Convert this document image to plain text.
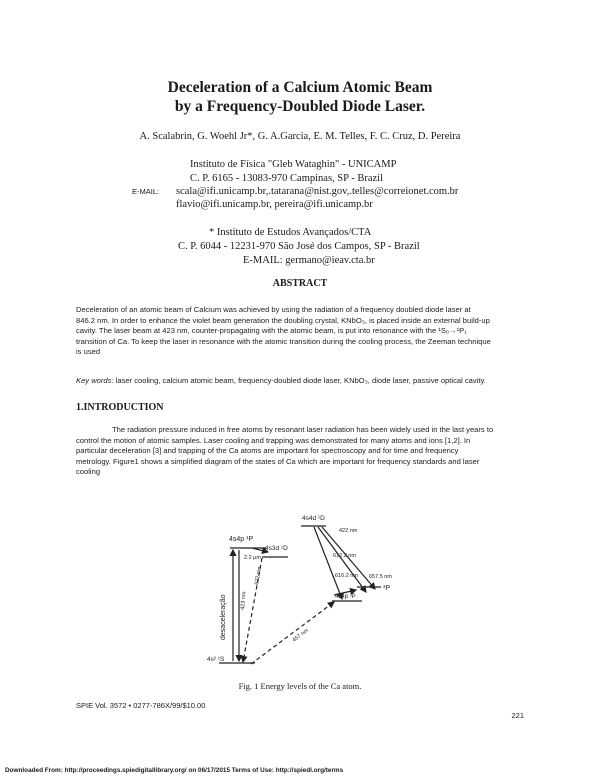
Deceleration of a Calcium Atomic Beam
by a Frequency-Doubled Diode Laser.
A. Scalabrin, G. Woehl Jr*, G. A.Garcia, E. M. Telles, F. C. Cruz, D. Pereira
Instituto de Física "Gleb Wataghin" - UNICAMP
C. P. 6165 - 13083-970 Campinas, SP - Brazil
E-MAIL: scala@ifi.unicamp.br,.tatarana@nist.gov,.telles@correionet.com.br
flavio@ifi.unicamp.br, pereira@ifi.unicamp.br
* Instituto de Estudos Avançados/CTA
C. P. 6044 - 12231-970 São José dos Campos, SP - Brazil
E-MAIL: germano@ieav.cta.br
ABSTRACT
Deceleration of an atomic beam of Calcium was achieved by using the radiation of a frequency doubled diode laser at
846.2 nm. In order to enhance the violet beam generation the doubling crystal, KNbO₃, is placed inside an external build-up
cavity. The laser beam at 423 nm, counter-propagating with the atomic beam, is put into resonance with the ¹S₀→¹P₁
transition of Ca. To keep the laser in resonance with the atomic transition during the cooling process, the Zeeman technique
is used
Key words: laser cooling, calcium atomic beam, frequency-doubled diode laser, KNbO₃, diode laser, passive optical cavity.
1.INTRODUCTION
The radiation pressure induced in free atoms by resonant laser radiation has been widely used in the last years to
control the motion of atomic samples. Laser cooling and trapping was demonstrated for many atoms and ions [1,2]. In
particular deceleration [3] and trapping of the Ca atoms are important for spectroscopy and for time and frequency
metrology. Figure1 shows a simplified diagram of the states of Ca which are important for frequency standards and laser
cooling
4s4p ¹P
4s3d ¹D
4s4d ¹D
³P
4s4p ³P
4s² ¹S
672 nm
2.2 μm
423 nm
457 nm
422 nm
612.2 nm
616.2 nm 657.5 nm
desaceleração
Fig. 1 Energy levels of the Ca atom.
SPIE Vol. 3572 • 0277-786X/99/$10.00
221
Downloaded From: http://proceedings.spiedigitallibrary.org/ on 06/17/2015 Terms of Use: http://spiedl.org/terms
